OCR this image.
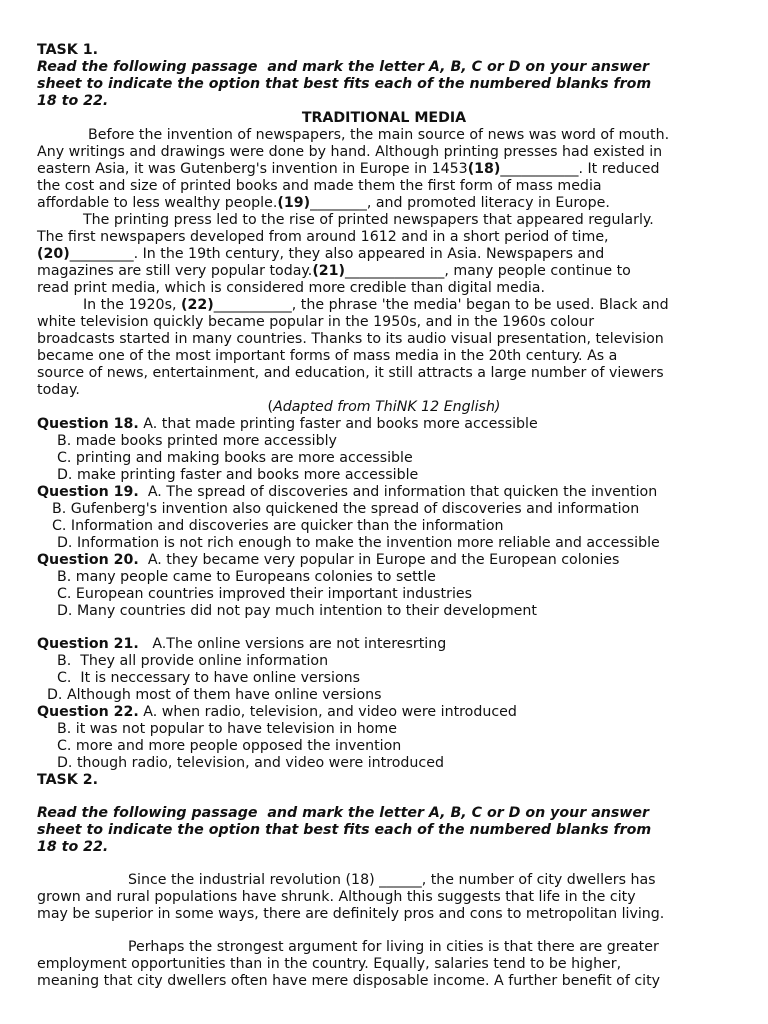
TASK 1.
Read the following passage  and mark the letter A, B, C or D on your answer
sheet to indicate the option that best fits each of the numbered blanks from
18 to 22.
TRADITIONAL MEDIA
Before the invention of newspapers, the main source of news was word of mouth.
Any writings and drawings were done by hand. Although printing presses had existed in
eastern Asia, it was Gutenberg's invention in Europe in 1453(18)___________. It reduced
the cost and size of printed books and made them the first form of mass media
affordable to less wealthy people.(19)________, and promoted literacy in Europe.
The printing press led to the rise of printed newspapers that appeared regularly.
The first newspapers developed from around 1612 and in a short period of time,
(20)_________. In the 19th century, they also appeared in Asia. Newspapers and
magazines are still very popular today.(21)______________, many people continue to
read print media, which is considered more credible than digital media.
In the 1920s, (22)___________, the phrase 'the media' began to be used. Black and
white television quickly became popular in the 1950s, and in the 1960s colour
broadcasts started in many countries. Thanks to its audio visual presentation, television
became one of the most important forms of mass media in the 20th century. As a
source of news, entertainment, and education, it still attracts a large number of viewers
today.
(Adapted from ThiNK 12 English)
Question 18. A. that made printing faster and books more accessible
B. made books printed more accessibly
C. printing and making books are more accessible
D. make printing faster and books more accessible
Question 19.  A. The spread of discoveries and information that quicken the invention
B. Gufenberg's invention also quickened the spread of discoveries and information
C. Information and discoveries are quicker than the information
D. Information is not rich enough to make the invention more reliable and accessible
Question 20.  A. they became very popular in Europe and the European colonies
B. many people came to Europeans colonies to settle
C. European countries improved their important industries
D. Many countries did not pay much intention to their development
Question 21.   A.The online versions are not interesrting
B.  They all provide online information
C.  It is neccessary to have online versions
D. Although most of them have online versions
Question 22. A. when radio, television, and video were introduced
B. it was not popular to have television in home
C. more and more people opposed the invention
D. though radio, television, and video were introduced
TASK 2.
Read the following passage  and mark the letter A, B, C or D on your answer
sheet to indicate the option that best fits each of the numbered blanks from
18 to 22.
Since the industrial revolution (18) ______, the number of city dwellers has
grown and rural populations have shrunk. Although this suggests that life in the city
may be superior in some ways, there are definitely pros and cons to metropolitan living.
Perhaps the strongest argument for living in cities is that there are greater
employment opportunities than in the country. Equally, salaries tend to be higher,
meaning that city dwellers often have mere disposable income. A further benefit of city
